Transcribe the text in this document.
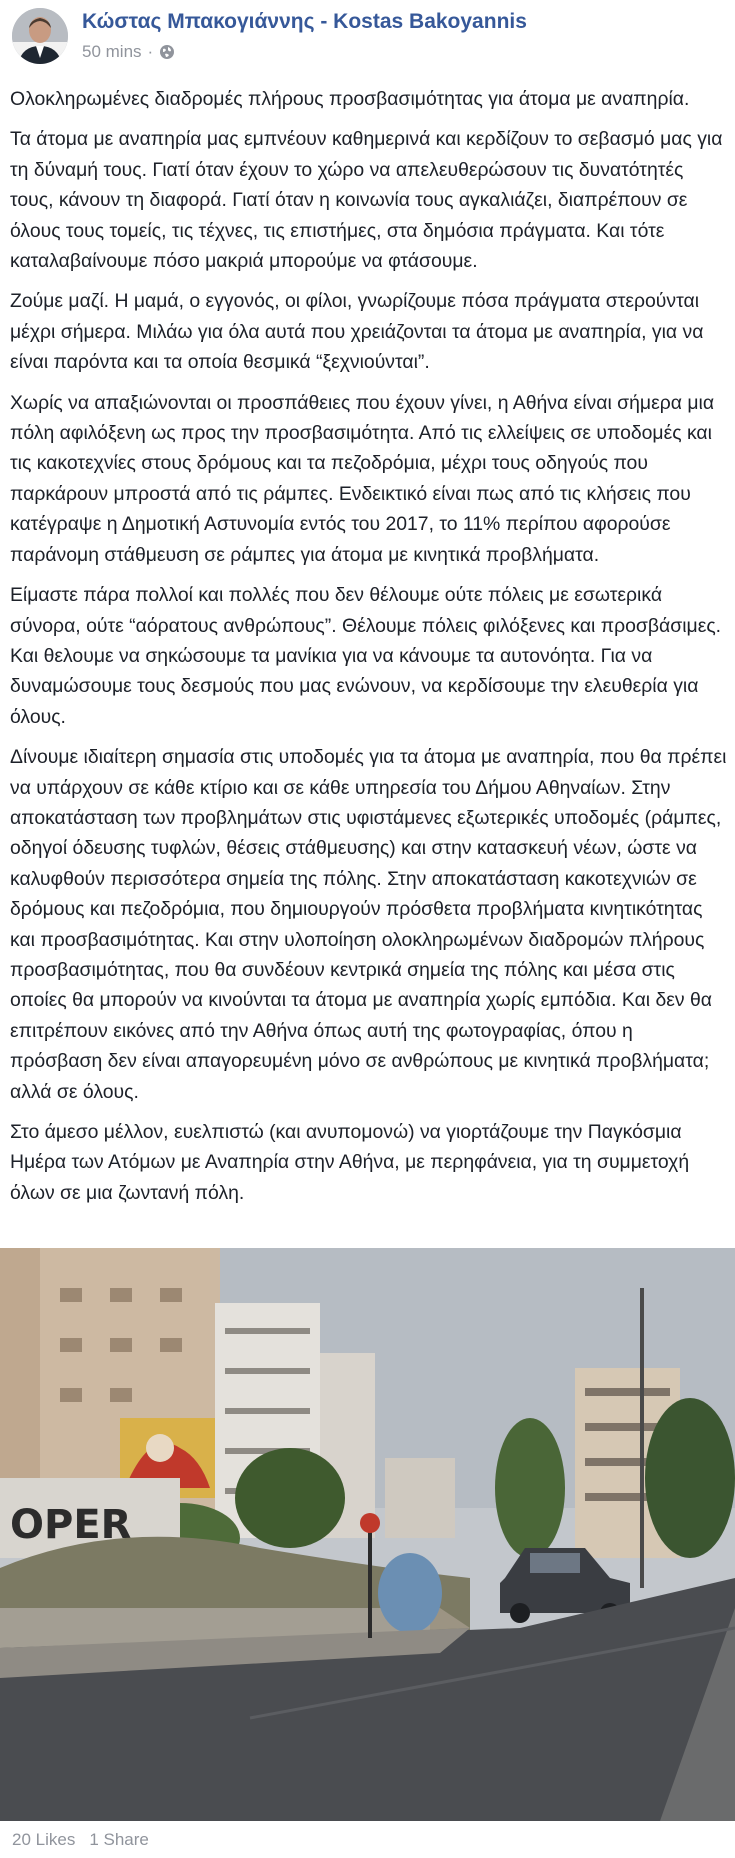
Κώστας Μπακογιάννης - Kostas Bakoyannis
50 mins ·

Ολοκληρωμένες διαδρομές πλήρους προσβασιμότητας για άτομα με αναπηρία.

Τα άτομα με αναπηρία μας εμπνέουν καθημερινά και κερδίζουν το σεβασμό μας για τη δύναμή τους. Γιατί όταν έχουν το χώρο να απελευθερώσουν τις δυνατότητές τους, κάνουν τη διαφορά. Γιατί όταν η κοινωνία τους αγκαλιάζει, διαπρέπουν σε όλους τους τομείς, τις τέχνες, τις επιστήμες, στα δημόσια πράγματα. Και τότε καταλαβαίνουμε πόσο μακριά μπορούμε να φτάσουμε.

Ζούμε μαζί. Η μαμά, ο εγγονός, οι φίλοι, γνωρίζουμε πόσα πράγματα στερούνται μέχρι σήμερα. Μιλάω για όλα αυτά που χρειάζονται τα άτομα με αναπηρία, για να είναι παρόντα και τα οποία θεσμικά “ξεχνιούνται”.

Χωρίς να απαξιώνονται οι προσπάθειες που έχουν γίνει, η Αθήνα είναι σήμερα μια πόλη αφιλόξενη ως προς την προσβασιμότητα. Από τις ελλείψεις σε υποδομές και τις κακοτεχνίες στους δρόμους και τα πεζοδρόμια, μέχρι τους οδηγούς που παρκάρουν μπροστά από τις ράμπες. Ενδεικτικό είναι πως από τις κλήσεις που κατέγραψε η Δημοτική Αστυνομία εντός του 2017, το 11% περίπου αφορούσε παράνομη στάθμευση σε ράμπες για άτομα με κινητικά προβλήματα.

Είμαστε πάρα πολλοί και πολλές που δεν θέλουμε ούτε πόλεις με εσωτερικά σύνορα, ούτε “αόρατους ανθρώπους”. Θέλουμε πόλεις φιλόξενες και προσβάσιμες. Και θελουμε να σηκώσουμε τα μανίκια για να κάνουμε τα αυτονόητα. Για να δυναμώσουμε τους δεσμούς που μας ενώνουν, να κερδίσουμε την ελευθερία για όλους.

Δίνουμε ιδιαίτερη σημασία στις υποδομές για τα άτομα με αναπηρία, που θα πρέπει να υπάρχουν σε κάθε κτίριο και σε κάθε υπηρεσία του Δήμου Αθηναίων. Στην αποκατάσταση των προβλημάτων στις υφιστάμενες εξωτερικές υποδομές (ράμπες, οδηγοί όδευσης τυφλών, θέσεις στάθμευσης) και στην κατασκευή νέων, ώστε να καλυφθούν περισσότερα σημεία της πόλης. Στην αποκατάσταση κακοτεχνιών σε δρόμους και πεζοδρόμια, που δημιουργούν πρόσθετα προβλήματα κινητικότητας και προσβασιμότητας. Και στην υλοποίηση ολοκληρωμένων διαδρομών πλήρους προσβασιμότητας, που θα συνδέουν κεντρικά σημεία της πόλης και μέσα στις οποίες θα μπορούν να κινούνται τα άτομα με αναπηρία χωρίς εμπόδια. Και δεν θα επιτρέπουν εικόνες από την Αθήνα όπως αυτή της φωτογραφίας, όπου η πρόσβαση δεν είναι απαγορευμένη μόνο σε ανθρώπους με κινητικά προβλήματα; αλλά σε όλους.

Στο άμεσο μέλλον, ευελπιστώ (και ανυπομονώ) να γιορτάζουμε την Παγκόσμια Ημέρα των Ατόμων με Αναπηρία στην Αθήνα, με περηφάνεια, για τη συμμετοχή όλων σε μια ζωντανή πόλη.

OPER
20 Likes 1 Share
